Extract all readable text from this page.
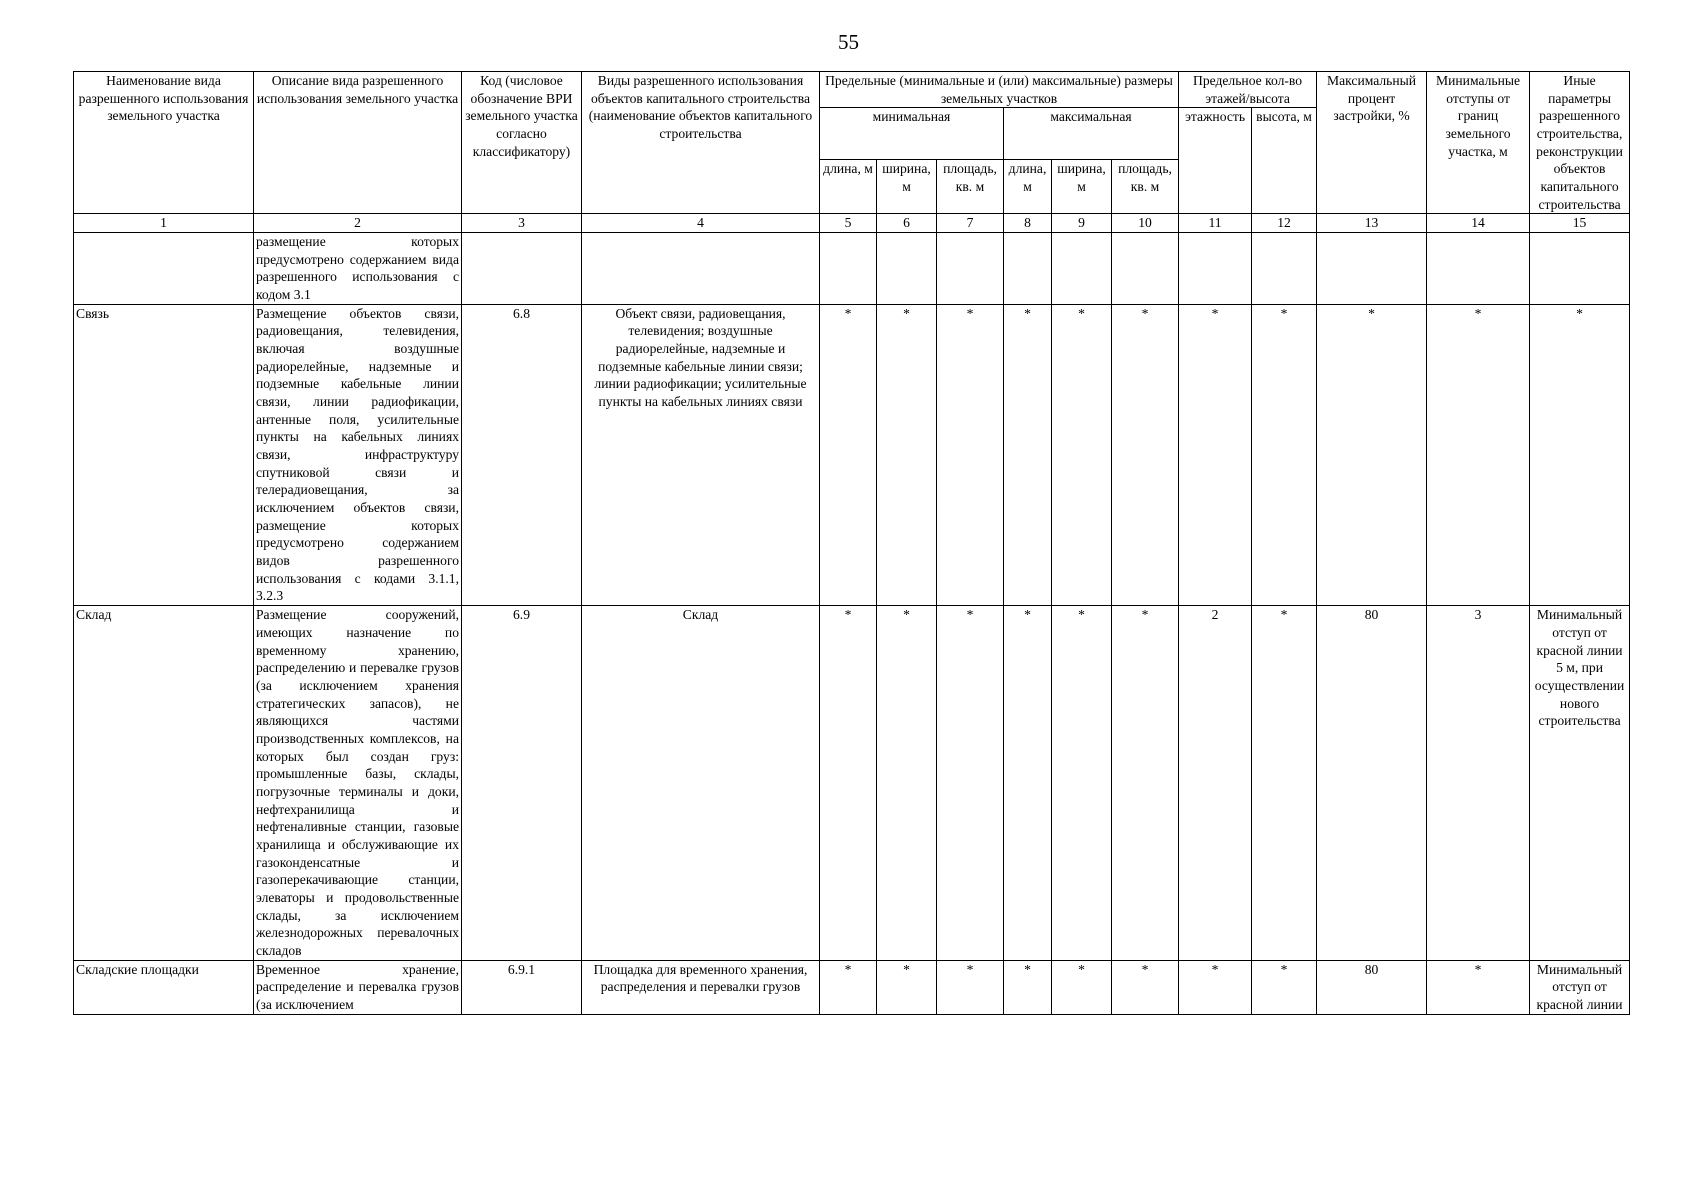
55
Наименование вида разрешенного использования земельного участка	Описание вида разрешенного использования земельного участка	Код (числовое обозначение ВРИ земельного участка согласно классификатору)	Виды разрешенного использования объектов капитального строительства (наименование объектов капитального строительства	Предельные (минимальные и (или) максимальные) размеры земельных участков						Предельное кол-во этажей/высота		Максимальный процент застройки, %	Минимальные отступы от границ земельного участка, м	Иные параметры разрешенного строительства, реконструкции объектов капитального строительства
				минимальная			максимальная			этажность	высота, м			
				длина, м	ширина, м	площадь, кв. м	длина, м	ширина, м	площадь, кв. м					
1	2	3	4	5	6	7	8	9	10	11	12	13	14	15
	размещение которых предусмотрено содержанием вида разрешенного использования с кодом 3.1													
Связь	Размещение объектов связи, радиовещания, телевидения, включая воздушные радиорелейные, надземные и подземные кабельные линии связи, линии радиофикации, антенные поля, усилительные пункты на кабельных линиях связи, инфраструктуру спутниковой связи и телерадиовещания, за исключением объектов связи, размещение которых предусмотрено содержанием видов разрешенного использования с кодами 3.1.1, 3.2.3	6.8	Объект связи, радиовещания, телевидения; воздушные радиорелейные, надземные и подземные кабельные линии связи; линии радиофикации; усилительные пункты на кабельных линиях связи	*	*	*	*	*	*	*	*	*	*	*
Склад	Размещение сооружений, имеющих назначение по временному хранению, распределению и перевалке грузов (за исключением хранения стратегических запасов), не являющихся частями производственных комплексов, на которых был создан груз: промышленные базы, склады, погрузочные терминалы и доки, нефтехранилища и нефтеналивные станции, газовые хранилища и обслуживающие их газоконденсатные и газоперекачивающие станции, элеваторы и продовольственные склады, за исключением железнодорожных перевалочных складов	6.9	Склад	*	*	*	*	*	*	2	*	80	3	Минимальный отступ от красной линии 5 м, при осуществлении нового строительства
Складские площадки	Временное хранение, распределение и перевалка грузов (за исключением	6.9.1	Площадка для временного хранения, распределения и перевалки грузов	*	*	*	*	*	*	*	*	80	*	Минимальный отступ от красной линии
